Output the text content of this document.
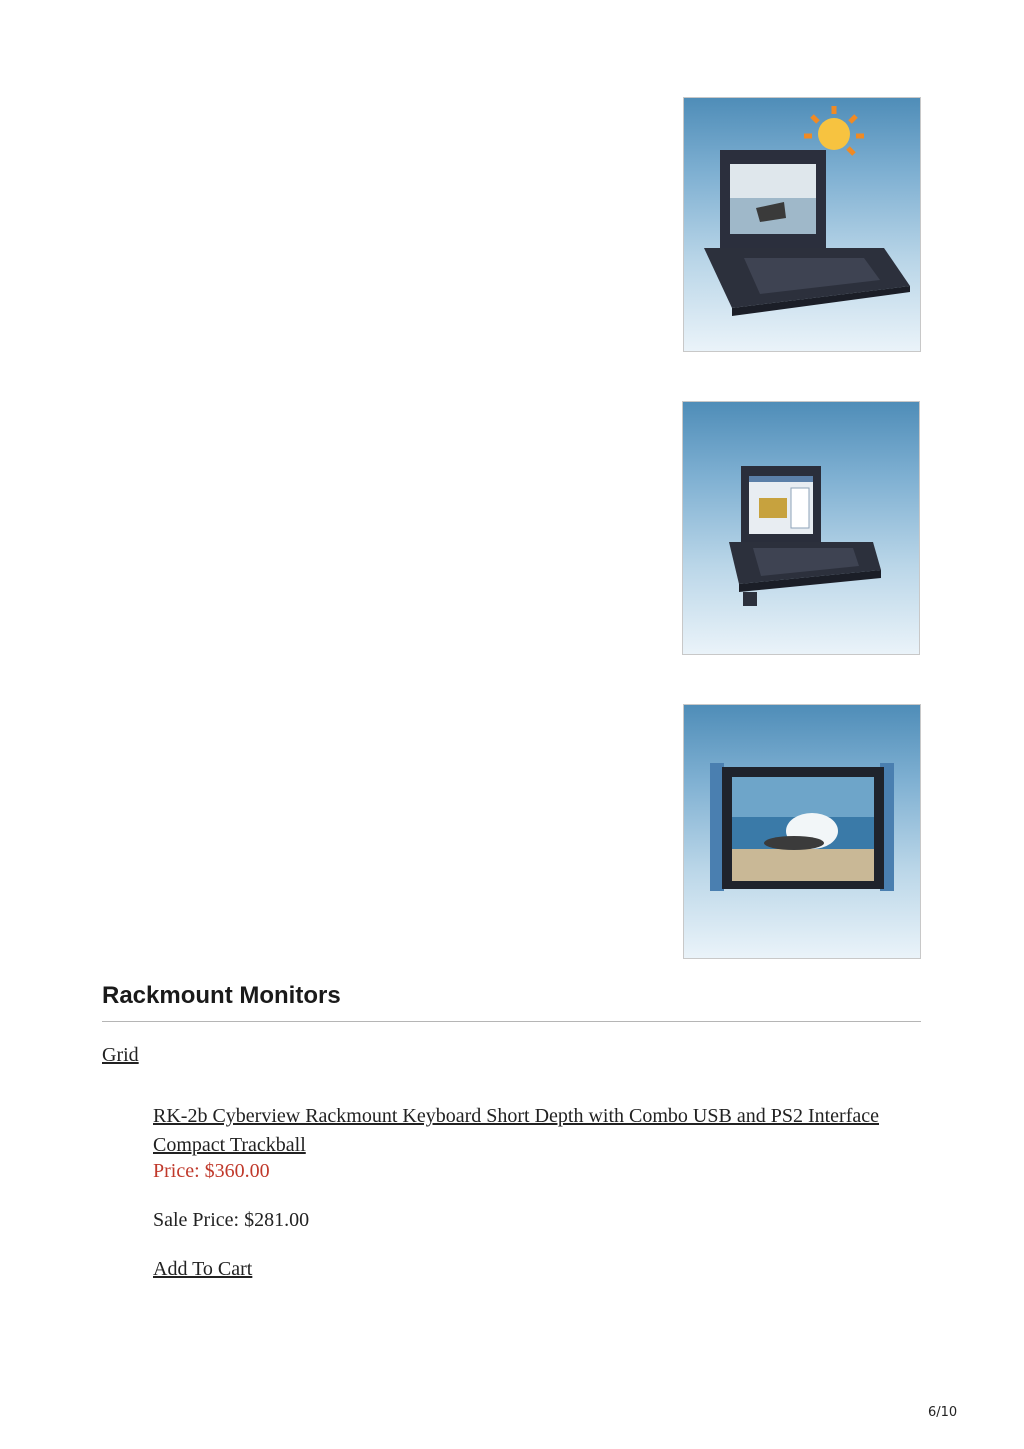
Rackmount Monitors
Grid

RK-2b Cyberview Rackmount Keyboard Short Depth with Combo USB and PS2 Interface Compact Trackball

Price: $360.00
Sale Price: $281.00
Add To Cart
6/10
